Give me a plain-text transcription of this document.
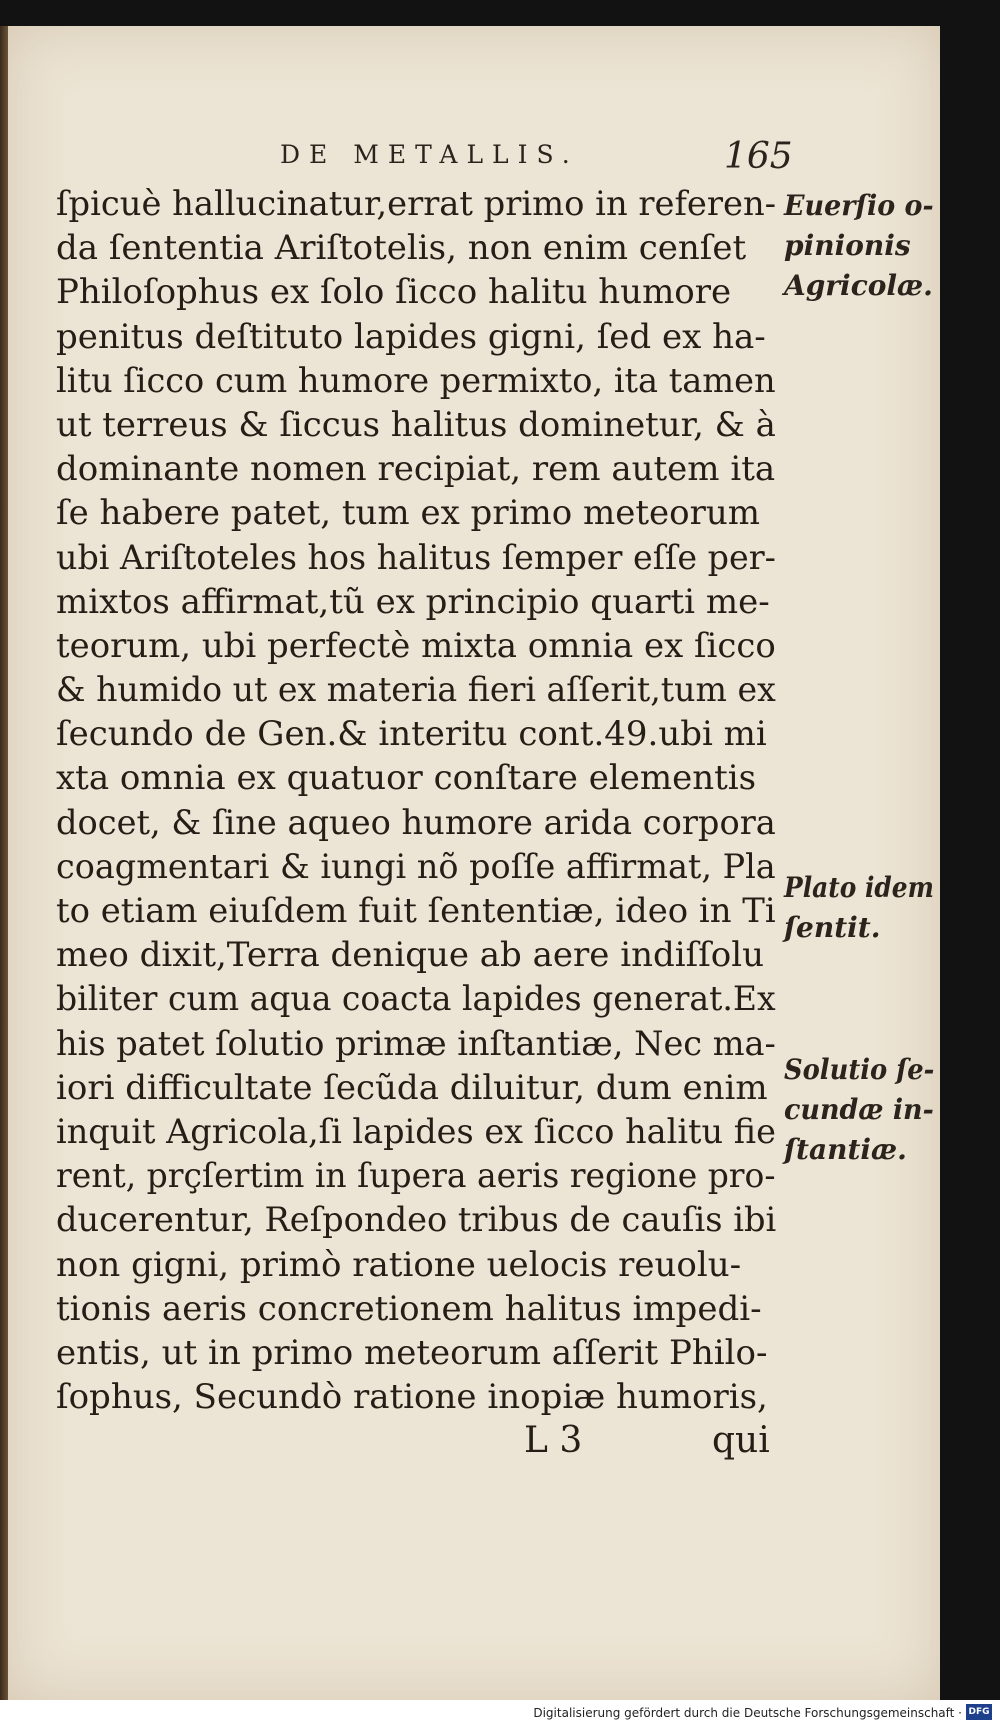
DE METALLIS.	165
ſpicuè hallucinatur,errat primo in referen-
da ſententia Ariſtotelis, non enim cenſet
Philoſophus ex ſolo ſicco halitu humore
penitus deſtituto lapides gigni, ſed ex ha-
litu ſicco cum humore permixto, ita tamen
ut terreus & ſiccus halitus dominetur, & à
dominante nomen recipiat, rem autem ita
ſe habere patet, tum ex primo meteorum
ubi Ariſtoteles hos halitus ſemper eſſe per-
mixtos affirmat,tũ ex principio quarti me-
teorum, ubi perfectè mixta omnia ex ſicco
& humido ut ex materia fieri aſſerit,tum ex
ſecundo de Gen.& interitu cont.49.ubi mi
xta omnia ex quatuor conſtare elementis
docet, & ſine aqueo humore arida corpora
coagmentari & iungi nõ poſſe affirmat, Pla
to etiam eiuſdem fuit ſententiæ, ideo in Ti
meo dixit,Terra denique ab aere indiſſolu
biliter cum aqua coacta lapides generat.Ex
his patet ſolutio primæ inſtantiæ, Nec ma-
iori difficultate ſecũda diluitur, dum enim
inquit Agricola,ſi lapides ex ſicco halitu fie
rent, prçſertim in ſupera aeris regione pro-
ducerentur, Reſpondeo tribus de cauſis ibi
non gigni, primò ratione uelocis reuolu-
tionis aeris concretionem halitus impedi-
entis, ut in primo meteorum aſſerit Philo-
ſophus, Secundò ratione inopiæ humoris,
L 3	qui
Euerſio o-
pinionis
Agricolæ.
Plato idem
ſentit.
Solutio ſe-
cundæ in-
ſtantiæ.
Digitalisierung gefördert durch die Deutsche Forschungsgemeinschaft · DFG
